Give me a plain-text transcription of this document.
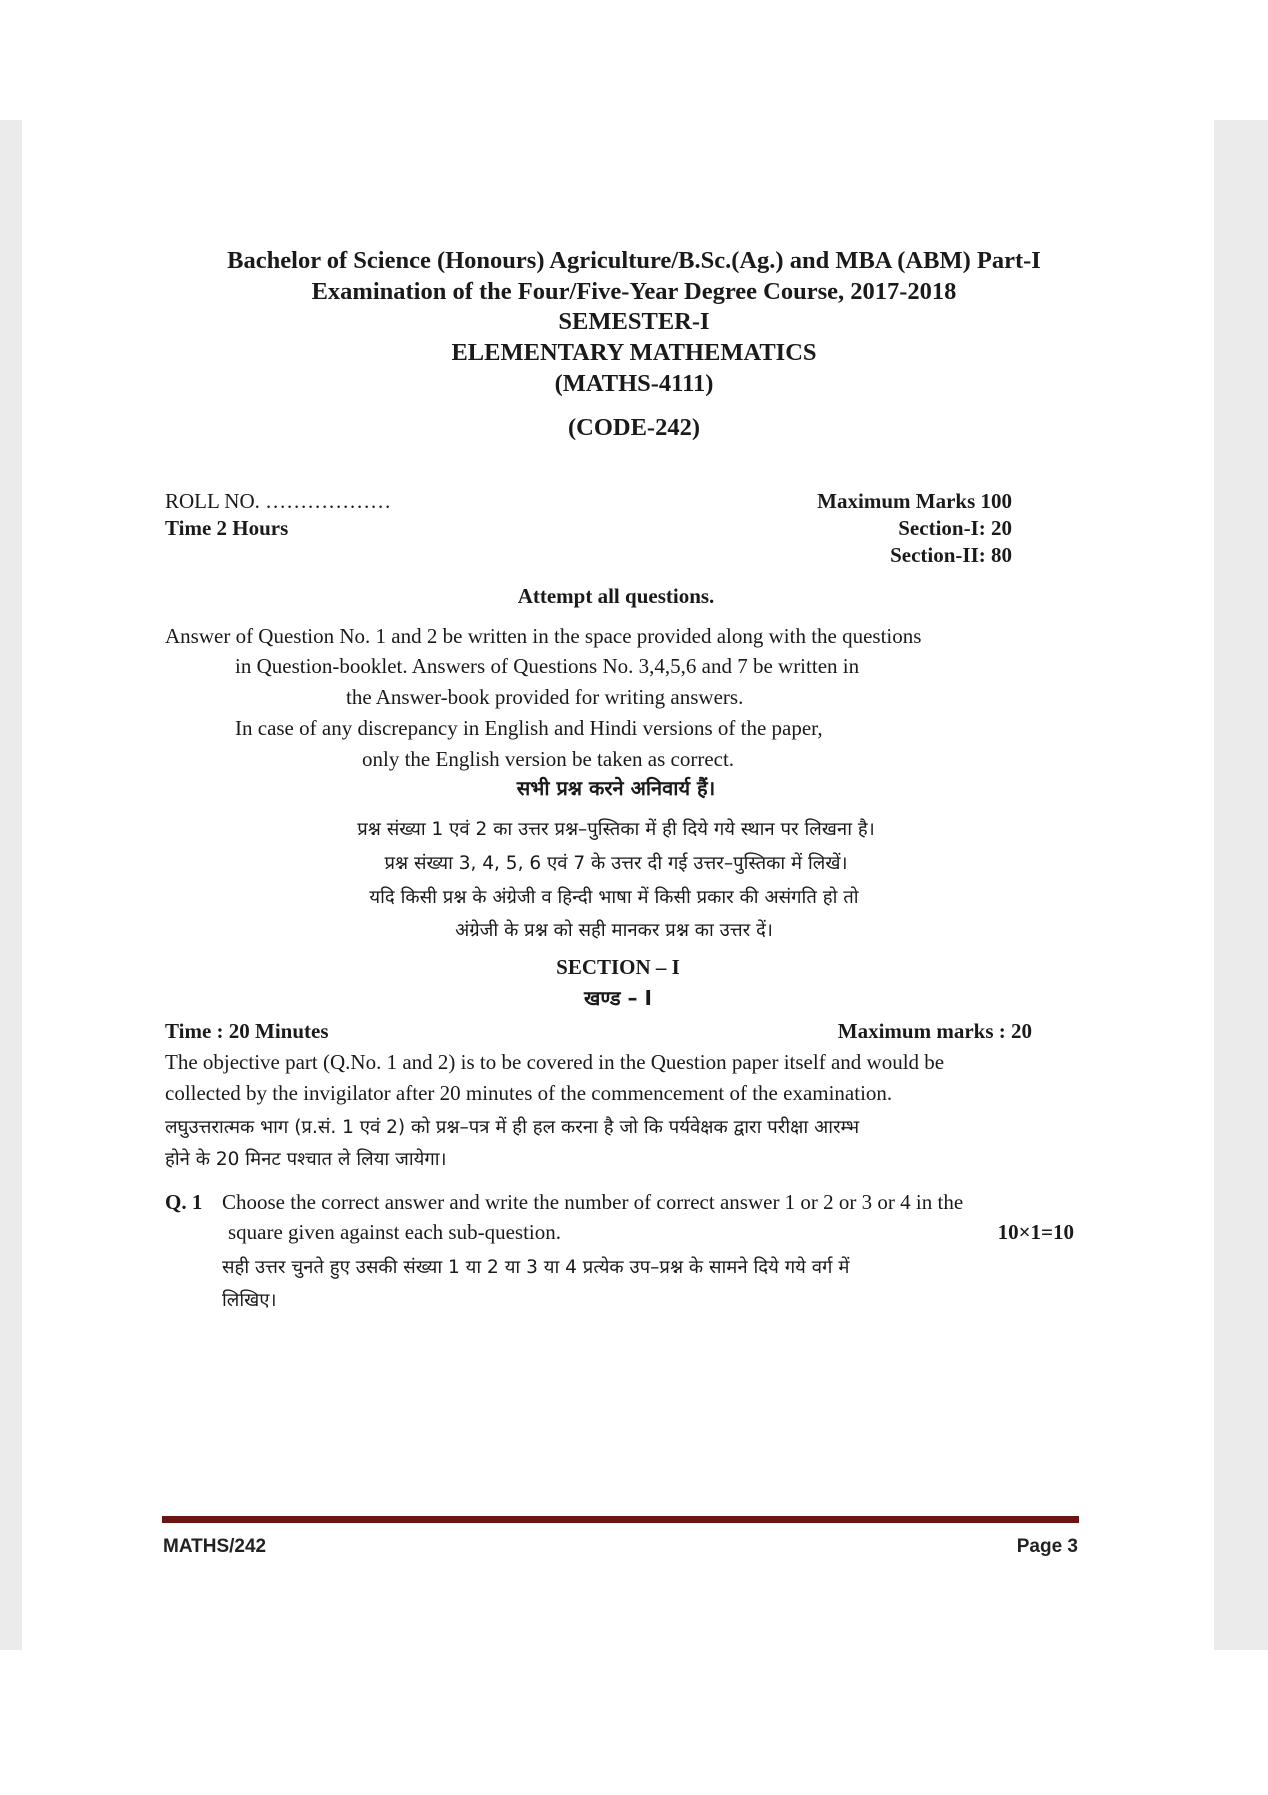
Bachelor of Science (Honours) Agriculture/B.Sc.(Ag.) and MBA (ABM) Part-I
Examination of the Four/Five-Year Degree Course, 2017-2018
SEMESTER-I
ELEMENTARY MATHEMATICS
(MATHS-4111)
(CODE-242)
ROLL NO. ………………
Time 2 Hours
Maximum Marks 100
Section-I: 20
Section-II: 80
Attempt all questions.
Answer of Question No. 1 and 2 be written in the space provided along with the questions
in Question-booklet. Answers of Questions No. 3,4,5,6 and 7 be written in
the Answer-book provided for writing answers.
In case of any discrepancy in English and Hindi versions of the paper,
only the English version be taken as correct.
सभी प्रश्न करने अनिवार्य हैं।
प्रश्न संख्या 1 एवं 2 का उत्तर प्रश्न–पुस्तिका में ही दिये गये स्थान पर लिखना है।
प्रश्न संख्या 3, 4, 5, 6 एवं 7 के उत्तर दी गई उत्तर–पुस्तिका में लिखें।
यदि किसी प्रश्न के अंग्रेजी व हिन्दी भाषा में किसी प्रकार की असंगति हो तो
अंग्रेजी के प्रश्न को सही मानकर प्रश्न का उत्तर दें।
SECTION – I
खण्ड – I
Time : 20 Minutes	Maximum marks : 20
The objective part (Q.No. 1 and 2) is to be covered in the Question paper itself and would be
collected by the invigilator after 20 minutes of the commencement of the examination.
लघुउत्तरात्मक भाग (प्र.सं. 1 एवं 2) को प्रश्न–पत्र में ही हल करना है जो कि पर्यवेक्षक द्वारा परीक्षा आरम्भ
होने के 20 मिनट पश्चात ले लिया जायेगा।
Q. 1 Choose the correct answer and write the number of correct answer 1 or 2 or 3 or 4 in the
square given against each sub-question.	10×1=10
सही उत्तर चुनते हुए उसकी संख्या 1 या 2 या 3 या 4 प्रत्येक उप–प्रश्न के सामने दिये गये वर्ग में
लिखिए।
MATHS/242	Page 3
